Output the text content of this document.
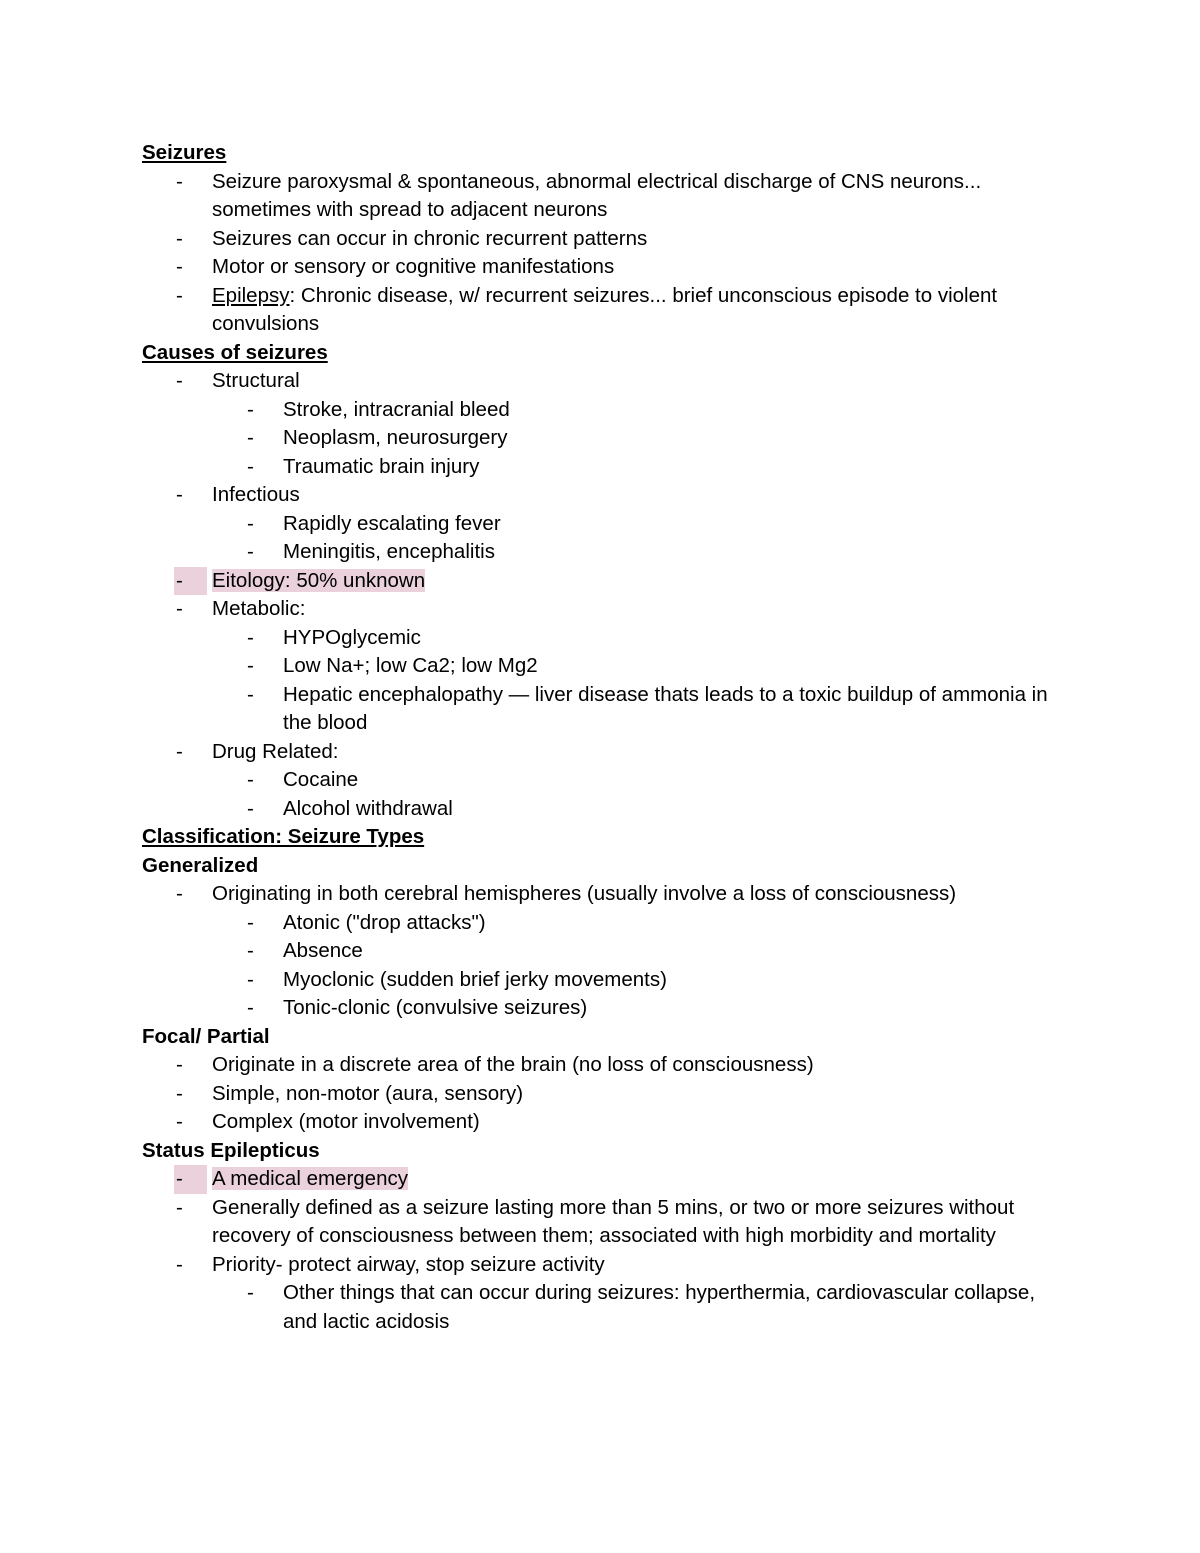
Seizures

- Seizure paroxysmal & spontaneous, abnormal electrical discharge of CNS neurons... sometimes with spread to adjacent neurons
- Seizures can occur in chronic recurrent patterns
- Motor or sensory or cognitive manifestations
- Epilepsy: Chronic disease, w/ recurrent seizures... brief unconscious episode to violent convulsions

Causes of seizures

- Structural
- Stroke, intracranial bleed
- Neoplasm, neurosurgery
- Traumatic brain injury
- Infectious
- Rapidly escalating fever
- Meningitis, encephalitis
-	Eitology: 50% unknown
- Metabolic:
- HYPOglycemic
- Low Na+; low Ca2; low Mg2
- Hepatic encephalopathy — liver disease thats leads to a toxic buildup of ammonia in the blood
- Drug Related:
- Cocaine
- Alcohol withdrawal

Classification: Seizure Types

Generalized

- Originating in both cerebral hemispheres (usually involve a loss of consciousness)
- Atonic ("drop attacks")
- Absence
- Myoclonic (sudden brief jerky movements)
- Tonic-clonic (convulsive seizures)

Focal/ Partial

- Originate in a discrete area of the brain (no loss of consciousness)
- Simple, non-motor (aura, sensory)
- Complex (motor involvement)

Status Epilepticus

-	A medical emergency
- Generally defined as a seizure lasting more than 5 mins, or two or more seizures without recovery of consciousness between them; associated with high morbidity and mortality
- Priority- protect airway, stop seizure activity
- Other things that can occur during seizures: hyperthermia, cardiovascular collapse, and lactic acidosis
